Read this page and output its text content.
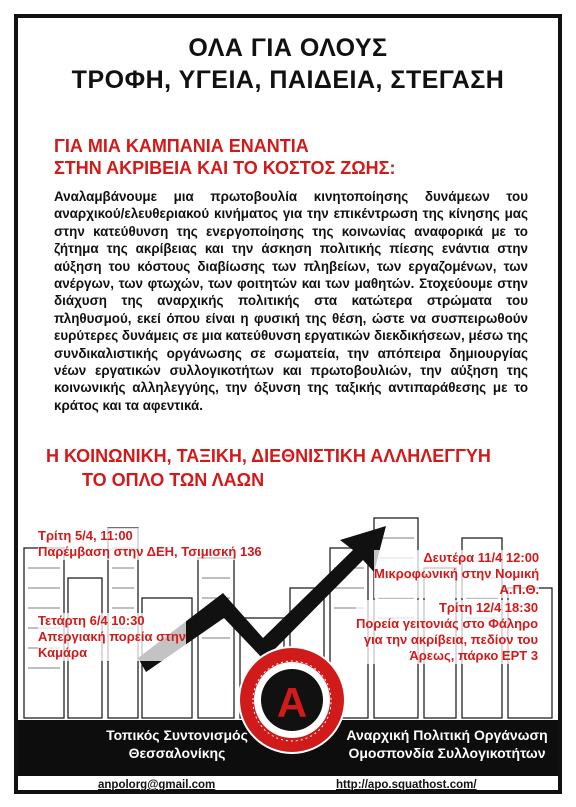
ΟΛΑ ΓΙΑ ΟΛΟΥΣ
ΤΡΟΦΗ, ΥΓΕΙΑ, ΠΑΙΔΕΙΑ, ΣΤΕΓΑΣΗ
ΓΙΑ ΜΙΑ ΚΑΜΠΑΝΙΑ ΕΝΑΝΤΙΑ
ΣΤΗΝ ΑΚΡΙΒΕΙΑ ΚΑΙ ΤΟ ΚΟΣΤΟΣ ΖΩΗΣ:
Αναλαμβάνουμε μια πρωτοβουλία κινητοποίησης δυνάμεων του αναρχικού/ελευθεριακού κινήματος για την επικέντρωση της κίνησης μας στην κατεύθυνση της ενεργοποίησης της κοινωνίας αναφορικά με το ζήτημα της ακρίβειας και την άσκηση πολιτικής πίεσης ενάντια στην αύξηση του κόστους διαβίωσης των πληβείων, των εργαζομένων, των ανέργων, των φτωχών, των φοιτητών και των μαθητών. Στοχεύουμε στην διάχυση της αναρχικής πολιτικής στα κατώτερα στρώματα του πληθυσμού, εκεί όπου είναι η φυσική της θέση, ώστε να συσπειρωθούν ευρύτερες δυνάμεις σε μια κατεύθυνση εργατικών διεκδικήσεων, μέσω της συνδικαλιστικής οργάνωσης σε σωματεία, την απόπειρα δημιουργίας νέων εργατικών συλλογικοτήτων και πρωτοβουλιών, την αύξηση της κοινωνικής αλληλεγγύης, την όξυνση της ταξικής αντιπαράθεσης με το κράτος και τα αφεντικά.
Η ΚΟΙΝΩΝΙΚΗ, ΤΑΞΙΚΗ, ΔΙΕΘΝΙΣΤΙΚΗ ΑΛΛΗΛΕΓΓΥΗ
ΤΟ ΟΠΛΟ ΤΩΝ ΛΑΩΝ
Τρίτη 5/4, 11:00
Παρέμβαση στην ΔΕΗ, Τσιμισκή 136
Τετάρτη 6/4 10:30
Απεργιακή πορεία στην
Καμάρα
Δευτέρα 11/4 12:00
Μικροφωνική στην Νομική
Α.Π.Θ.
Τρίτη 12/4 18:30
Πορεία γειτονιάς στο Φάληρο
για την ακρίβεια, πεδίον του
Άρεως, πάρκο ΕΡΤ 3
Τοπικός Συντονισμός
Θεσσαλονίκης
Αναρχική Πολιτική Οργάνωση
Ομοσπονδία Συλλογικοτήτων
A
anpolorg@gmail.com	http://apo.squathost.com/
